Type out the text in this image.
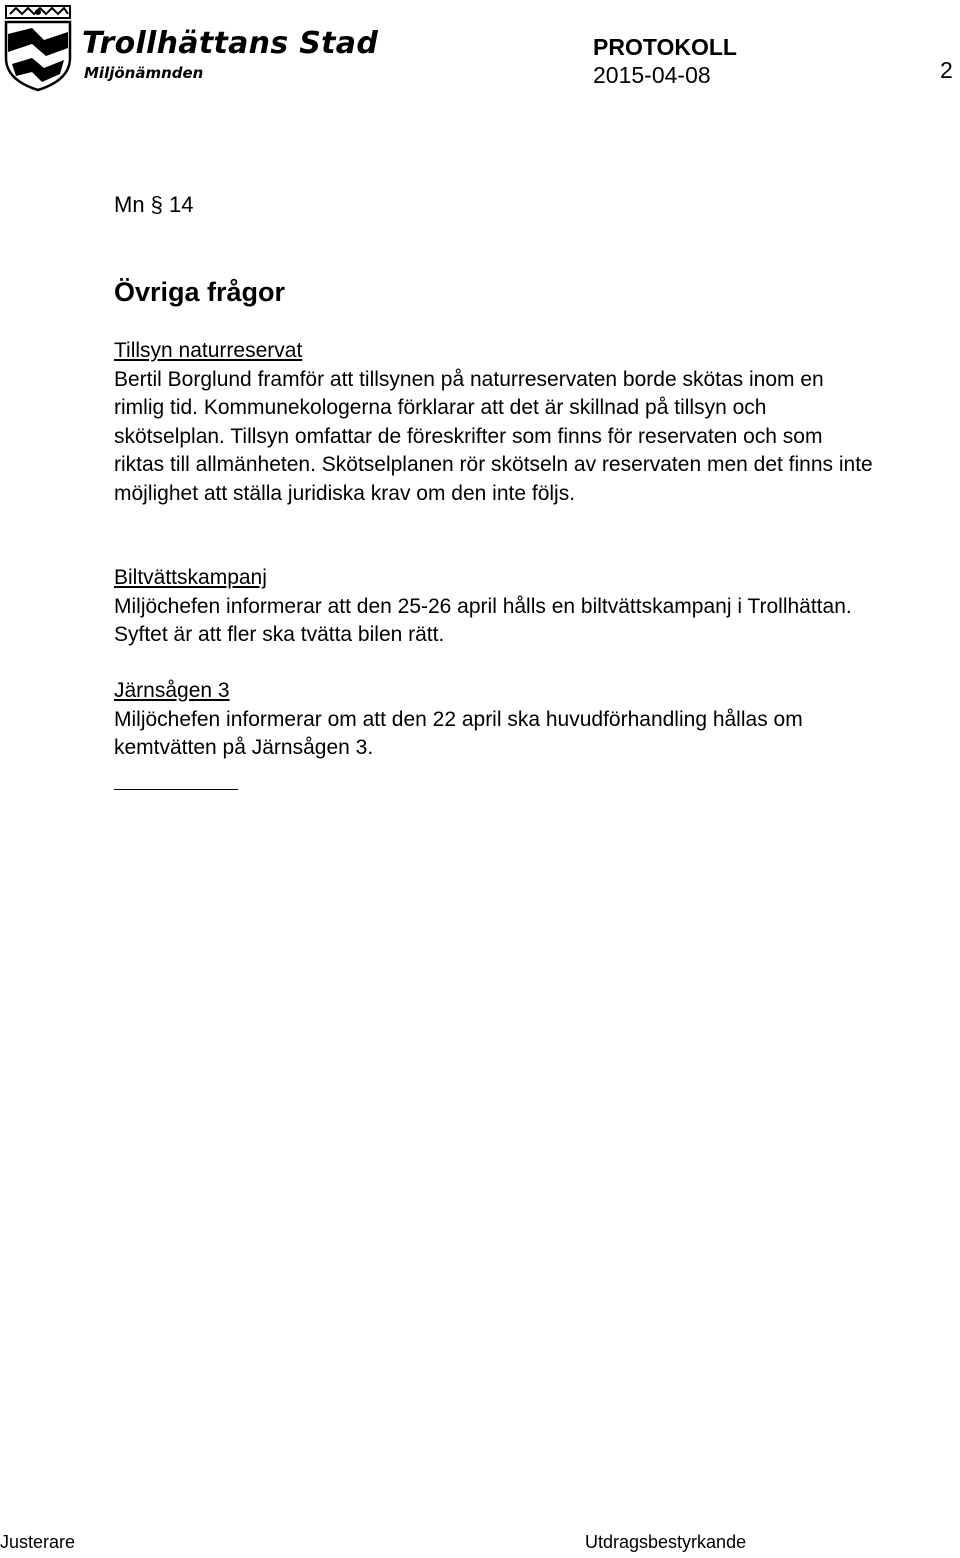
Trollhättans Stad
Miljönämnden
PROTOKOLL
2015-04-08	2
Mn § 14
Övriga frågor
Tillsyn naturreservat

Bertil Borglund framför att tillsynen på naturreservaten borde skötas inom en rimlig tid. Kommunekologerna förklarar att det är skillnad på tillsyn och skötselplan. Tillsyn omfattar de föreskrifter som finns för reservaten och som riktas till allmänheten. Skötselplanen rör skötseln av reservaten men det finns inte möjlighet att ställa juridiska krav om den inte följs.

Biltvättskampanj

Miljöchefen informerar att den 25-26 april hålls en biltvättskampanj i Trollhättan. Syftet är att fler ska tvätta bilen rätt.

Järnsågen 3

Miljöchefen informerar om att den 22 april ska huvudförhandling hållas om kemtvätten på Järnsågen 3.

Justerare	Utdragsbestyrkande
